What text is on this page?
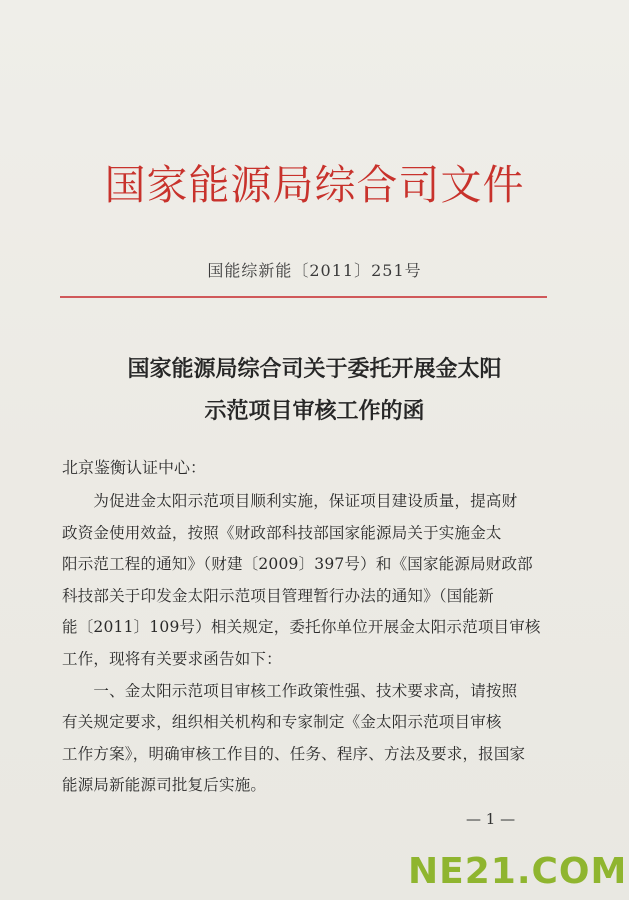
国家能源局综合司文件
国能综新能〔2011〕251号
国家能源局综合司关于委托开展金太阳
示范项目审核工作的函
北京鉴衡认证中心：
　　为促进金太阳示范项目顺利实施，保证项目建设质量，提高财
政资金使用效益，按照《财政部科技部国家能源局关于实施金太
阳示范工程的通知》（财建〔2009〕397号）和《国家能源局财政部
科技部关于印发金太阳示范项目管理暂行办法的通知》（国能新
能〔2011〕109号）相关规定，委托你单位开展金太阳示范项目审核
工作，现将有关要求函告如下：
　　一、金太阳示范项目审核工作政策性强、技术要求高，请按照
有关规定要求，组织相关机构和专家制定《金太阳示范项目审核
工作方案》，明确审核工作目的、任务、程序、方法及要求，报国家
能源局新能源司批复后实施。
— 1 —
NE21.COM
